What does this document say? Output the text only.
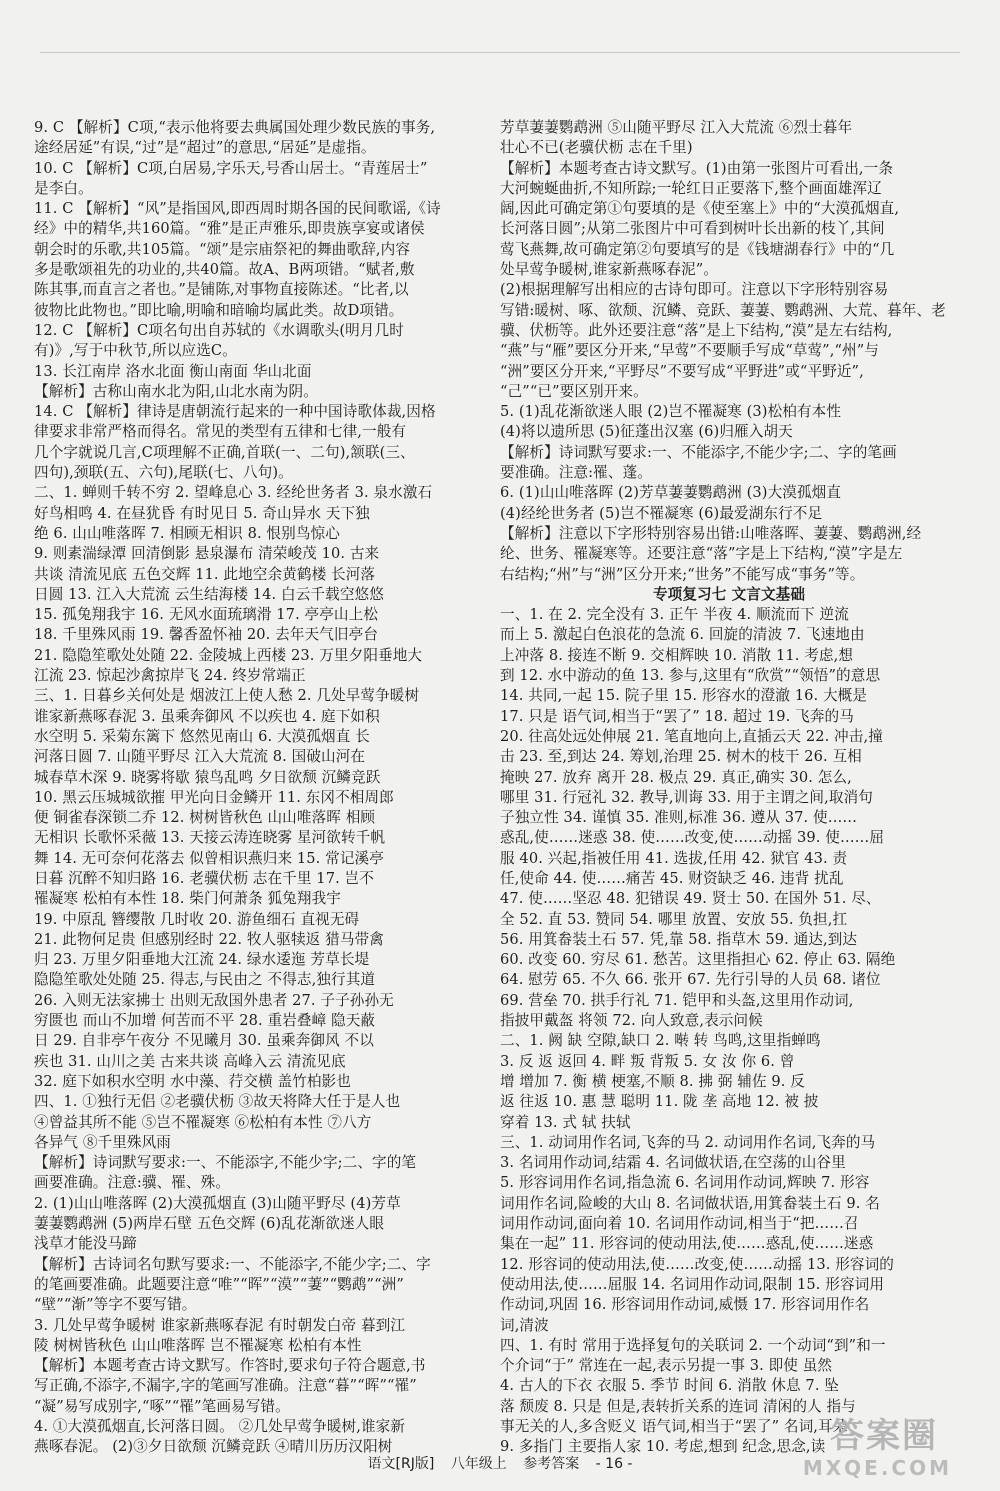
9. C 【解析】C项,“表示他将要去典属国处理少数民族的事务,
途经居延”有误,“过”是“超过”的意思,“居延”是虚指。
10. C 【解析】C项,白居易,字乐天,号香山居士。“青莲居士”
是李白。
11. C 【解析】“风”是指国风,即西周时期各国的民间歌谣,《诗
经》中的精华,共160篇。“雅”是正声雅乐,即贵族享宴或诸侯
朝会时的乐歌,共105篇。“颂”是宗庙祭祀的舞曲歌辞,内容
多是歌颂祖先的功业的,共40篇。故A、B两项错。“赋者,敷
陈其事,而直言之者也。”是铺陈,对事物直接陈述。“比者,以
彼物比此物也。”即比喻,明喻和暗喻均属此类。故D项错。
12. C 【解析】C项名句出自苏轼的《水调歌头(明月几时
有)》,写于中秋节,所以应选C。
13. 长江南岸 洛水北面 衡山南面 华山北面
【解析】古称山南水北为阳,山北水南为阴。
14. C 【解析】律诗是唐朝流行起来的一种中国诗歌体裁,因格
律要求非常严格而得名。常见的类型有五律和七律,一般有
几个字就说几言,C项理解不正确,首联(一、二句),颔联(三、
四句),颈联(五、六句),尾联(七、八句)。
二、1. 蝉则千转不穷 2. 望峰息心 3. 经纶世务者 3. 泉水激石
好鸟相鸣 4. 在昼犹昏 有时见日 5. 奇山异水 天下独
绝 6. 山山唯落晖 7. 相顾无相识 8. 恨别鸟惊心
9. 则素湍绿潭 回清倒影 悬泉瀑布 清荣峻茂 10. 古来
共谈 清流见底 五色交辉 11. 此地空余黄鹤楼 长河落
日圆 13. 江入大荒流 云生结海楼 14. 白云千载空悠悠
15. 孤兔翔我宇 16. 无风水面琉璃滑 17. 亭亭山上松
18. 千里殊风雨 19. 馨香盈怀袖 20. 去年天气旧亭台
21. 隐隐笙歌处处随 22. 金陵城上西楼 23. 万里夕阳垂地大
江流 23. 惊起沙禽掠岸飞 24. 终岁常端正
三、1. 日暮乡关何处是 烟波江上使人愁 2. 几处早莺争暖树
谁家新燕啄春泥 3. 虽乘奔御风 不以疾也 4. 庭下如积
水空明 5. 采菊东篱下 悠然见南山 6. 大漠孤烟直 长
河落日圆 7. 山随平野尽 江入大荒流 8. 国破山河在
城春草木深 9. 晓雾将歇 猿鸟乱鸣 夕日欲颓 沉鳞竞跃
10. 黑云压城城欲摧 甲光向日金鳞开 11. 东冈不相周郎
便 铜雀春深锁二乔 12. 树树皆秋色 山山唯落晖 相顾
无相识 长歌怀采薇 13. 天接云涛连晓雾 星河欲转千帆
舞 14. 无可奈何花落去 似曾相识燕归来 15. 常记溪亭
日暮 沉醉不知归路 16. 老骥伏枥 志在千里 17. 岂不
罹凝寒 松柏有本性 18. 柴门何萧条 狐兔翔我宇
19. 中原乱 簪缨散 几时收 20. 游鱼细石 直视无碍
21. 此物何足贵 但感别经时 22. 牧人驱犊返 猎马带禽
归 23. 万里夕阳垂地大江流 24. 绿水逶迤 芳草长堤
隐隐笙歌处处随 25. 得志,与民由之 不得志,独行其道
26. 入则无法家拂士 出则无敌国外患者 27. 子子孙孙无
穷匮也 而山不加增 何苦而不平 28. 重岩叠嶂 隐天蔽
日 29. 自非亭午夜分 不见曦月 30. 虽乘奔御风 不以
疾也 31. 山川之美 古来共谈 高峰入云 清流见底
32. 庭下如积水空明 水中藻、荇交横 盖竹柏影也
四、1. ①独行无侣 ②老骥伏枥 ③故天将降大任于是人也
④曾益其所不能 ⑤岂不罹凝寒 ⑥松柏有本性 ⑦八方
各异气 ⑧千里殊风雨
【解析】诗词默写要求:一、不能添字,不能少字;二、字的笔
画要准确。注意:骥、罹、殊。
2. (1)山山唯落晖 (2)大漠孤烟直 (3)山随平野尽 (4)芳草
萋萋鹦鹉洲 (5)两岸石壁 五色交辉 (6)乱花渐欲迷人眼
浅草才能没马蹄
【解析】古诗词名句默写要求:一、不能添字,不能少字;二、字
的笔画要准确。此题要注意“唯”“晖”“漠”“萋”“鹦鹉”“洲”
“壁”“渐”等字不要写错。
3. 几处早莺争暖树 谁家新燕啄春泥 有时朝发白帝 暮到江
陵 树树皆秋色 山山唯落晖 岂不罹凝寒 松柏有本性
【解析】本题考查古诗文默写。作答时,要求句子符合题意,书
写正确,不添字,不漏字,字的笔画写准确。注意“暮”“晖”“罹”
“凝”易写成别字,“啄”“罹”笔画易写错。
4. ①大漠孤烟直,长河落日圆。 ②几处早莺争暖树,谁家新
燕啄春泥。 (2)③夕日欲颓 沉鳞竞跃 ④晴川历历汉阳树
芳草萋萋鹦鹉洲 ⑤山随平野尽 江入大荒流 ⑥烈士暮年
壮心不已(老骥伏枥 志在千里)
【解析】本题考查古诗文默写。(1)由第一张图片可看出,一条
大河蜿蜒曲折,不知所踪;一轮红日正要落下,整个画面雄浑辽
阔,因此可确定第①句要填的是《使至塞上》中的“大漠孤烟直,
长河落日圆”;从第二张图片中可看到树叶长出新的枝丫,其间
莺飞燕舞,故可确定第②句要填写的是《钱塘湖春行》中的“几
处早莺争暖树,谁家新燕啄春泥”。
(2)根据理解写出相应的古诗句即可。注意以下字形特别容易
写错:暖树、啄、欲颓、沉鳞、竞跃、萋萋、鹦鹉洲、大荒、暮年、老
骥、伏枥等。此外还要注意“落”是上下结构,“漠”是左右结构,
“燕”与“雁”要区分开来,“早莺”不要顺手写成“草莺”,“州”与
“洲”要区分开来,“平野尽”不要写成“平野进”或“平野近”,
“己”“已”要区别开来。
5. (1)乱花渐欲迷人眼 (2)岂不罹凝寒 (3)松柏有本性
(4)将以遗所思 (5)征蓬出汉塞 (6)归雁入胡天
【解析】诗词默写要求:一、不能添字,不能少字;二、字的笔画
要准确。注意:罹、蓬。
6. (1)山山唯落晖 (2)芳草萋萋鹦鹉洲 (3)大漠孤烟直
(4)经纶世务者 (5)岂不罹凝寒 (6)最爱湖东行不足
【解析】注意以下字形特别容易出错:山唯落晖、萋萋、鹦鹉洲,经
纶、世务、罹凝寒等。还要注意“落”字是上下结构,“漠”字是左
右结构;“州”与“洲”区分开来;“世务”不能写成“事务”等。
专项复习七 文言文基础
一、1. 在 2. 完全没有 3. 正午 半夜 4. 顺流而下 逆流
而上 5. 激起白色浪花的急流 6. 回旋的清波 7. 飞速地由
上冲落 8. 接连不断 9. 交相辉映 10. 消散 11. 考虑,想
到 12. 水中游动的鱼 13. 参与,这里有“欣赏”“领悟”的意思
14. 共同,一起 15. 院子里 15. 形容水的澄澈 16. 大概是
17. 只是 语气词,相当于“罢了” 18. 超过 19. 飞奔的马
20. 往高处远处伸展 21. 笔直地向上,直插云天 22. 冲击,撞
击 23. 至,到达 24. 筹划,治理 25. 树木的枝干 26. 互相
掩映 27. 放弃 离开 28. 极点 29. 真正,确实 30. 怎么,
哪里 31. 行冠礼 32. 教导,训诲 33. 用于主谓之间,取消句
子独立性 34. 谨慎 35. 准则,标准 36. 遵从 37. 使……
惑乱,使……迷惑 38. 使……改变,使……动摇 39. 使……屈
服 40. 兴起,指被任用 41. 选拔,任用 42. 狱官 43. 责
任,使命 44. 使……痛苦 45. 财资缺乏 46. 违背 扰乱
47. 使……坚忍 48. 犯错误 49. 贤士 50. 在国外 51. 尽、
全 52. 直 53. 赞同 54. 哪里 放置、安放 55. 负担,扛
56. 用箕畚装土石 57. 凭,靠 58. 指草木 59. 通达,到达
60. 改变 60. 穷尽 61. 愁苦。这里指担心 62. 停止 63. 隔绝
64. 慰劳 65. 不久 66. 张开 67. 先行引导的人员 68. 诸位
69. 营垒 70. 拱手行礼 71. 铠甲和头盔,这里用作动词,
指披甲戴盔 将领 72. 向人致意,表示问候
二、1. 阙 缺 空隙,缺口 2. 啭 转 鸟鸣,这里指蝉鸣
3. 反 返 返回 4. 畔 叛 背叛 5. 女 汝 你 6. 曾
增 增加 7. 衡 横 梗塞,不顺 8. 拂 弼 辅佐 9. 反
返 往返 10. 惠 慧 聪明 11. 陇 垄 高地 12. 被 披
穿着 13. 式 轼 扶轼
三、1. 动词用作名词,飞奔的马 2. 动词用作名词,飞奔的马
3. 名词用作动词,结霜 4. 名词做状语,在空荡的山谷里
5. 形容词用作名词,指急流 6. 名词用作动词,辉映 7. 形容
词用作名词,险峻的大山 8. 名词做状语,用箕畚装土石 9. 名
词用作动词,面向着 10. 名词用作动词,相当于“把……召
集在一起” 11. 形容词的使动用法,使……惑乱,使……迷惑
12. 形容词的使动用法,使……改变,使……动摇 13. 形容词的
使动用法,使……屈服 14. 名词用作动词,限制 15. 形容词用
作动词,巩固 16. 形容词用作动词,威慑 17. 形容词用作名
词,清波
四、1. 有时 常用于选择复句的关联词 2. 一个动词“到”和一
个介词“于” 常连在一起,表示另提一事 3. 即使 虽然
4. 古人的下衣 衣服 5. 季节 时间 6. 消散 休息 7. 坠
落 颓废 8. 只是 但是,表转折关系的连词 清闲的人 指与
事无关的人,多含贬义 语气词,相当于“罢了” 名词,耳朵
9. 多指门 主要指人家 10. 考虑,想到 纪念,思念,读
语文[RJ版] 八年级上 参考答案 - 16 -
答案圈
MXQE.COM
